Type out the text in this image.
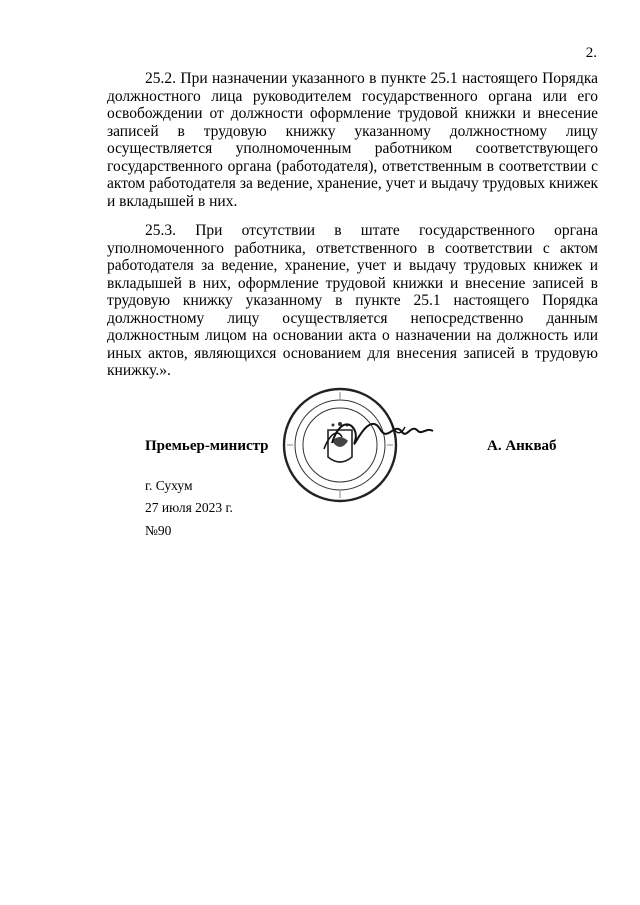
2.

25.2. При назначении указанного в пункте 25.1 настоящего Порядка должностного лица руководителем государственного органа или его освобождении от должности оформление трудовой книжки и внесение записей в трудовую книжку указанному должностному лицу осуществляется уполномоченным работником соответствующего государственного органа (работодателя), ответственным в соответствии с актом работодателя за ведение, хранение, учет и выдачу трудовых книжек и вкладышей в них.

25.3. При отсутствии в штате государственного органа уполномоченного работника, ответственного в соответствии с актом работодателя за ведение, хранение, учет и выдачу трудовых книжек и вкладышей в них, оформление трудовой книжки и внесение записей в трудовую книжку указанному в пункте 25.1 настоящего Порядка должностному лицу осуществляется непосредственно данным должностным лицом на основании акта о назначении на должность или иных актов, являющихся основанием для внесения записей в трудовую книжку.».

Премьер-министр	А. Анкваб
г. Сухум
27 июля 2023 г.
№90
